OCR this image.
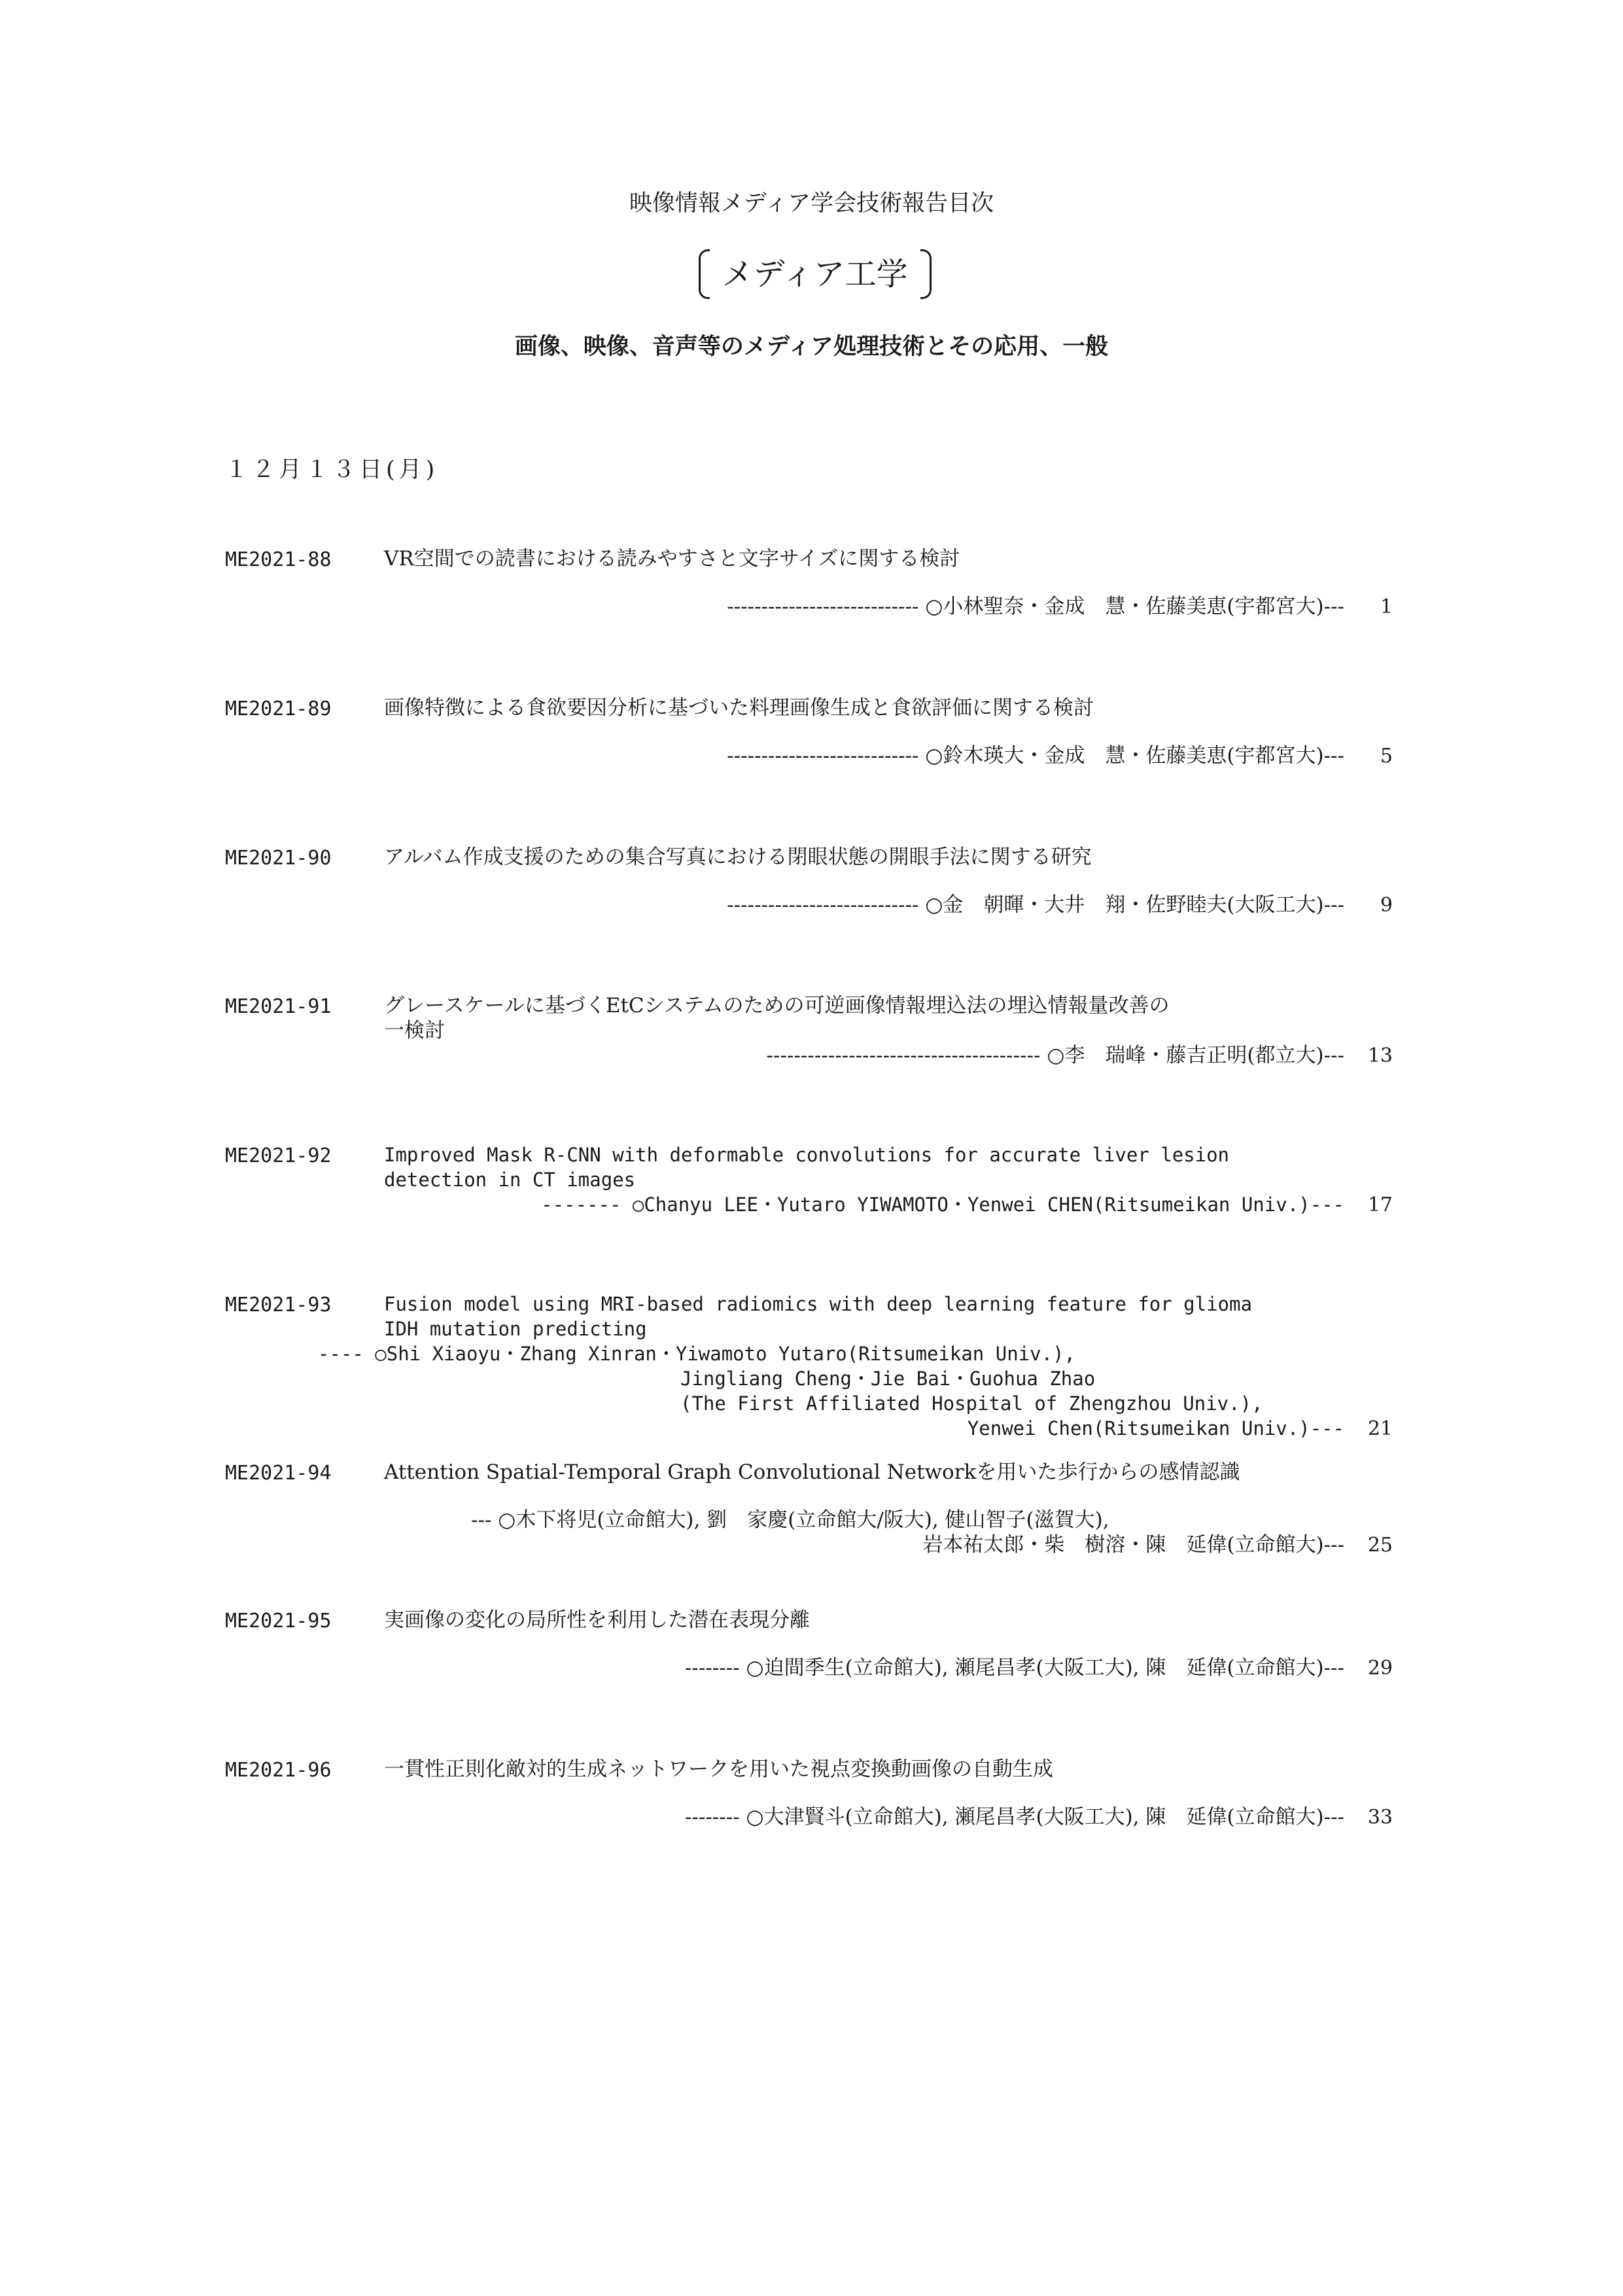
映像情報メディア学会技術報告目次

メディア工学

画像、映像、音声等のメディア処理技術とその応用、一般
１２月１３日(月)
ME2021-88	VR空間での読書における読みやすさと文字サイズに関する検討
---------------------------- ○小林聖奈・金成　慧・佐藤美恵(宇都宮大)---	1
ME2021-89	画像特徴による食欲要因分析に基づいた料理画像生成と食欲評価に関する検討
---------------------------- ○鈴木瑛大・金成　慧・佐藤美恵(宇都宮大)---	5
ME2021-90	アルバム作成支援のための集合写真における閉眼状態の開眼手法に関する研究
---------------------------- ○金　朝暉・大井　翔・佐野睦夫(大阪工大)---	9
ME2021-91	グレースケールに基づくEtCシステムのための可逆画像情報埋込法の埋込情報量改善の
一検討
---------------------------------------- ○李　瑞峰・藤吉正明(都立大)---	13
ME2021-92	Improved Mask R-CNN with deformable convolutions for accurate liver lesion
detection in CT images
------- ○Chanyu LEE・Yutaro YIWAMOTO・Yenwei CHEN(Ritsumeikan Univ.)---	17
ME2021-93	Fusion model using MRI-based radiomics with deep learning feature for glioma
IDH mutation predicting
---- ○Shi Xiaoyu・Zhang Xinran・Yiwamoto Yutaro(Ritsumeikan Univ.),
Jingliang Cheng・Jie Bai・Guohua Zhao
(The First Affiliated Hospital of Zhengzhou Univ.),
Yenwei Chen(Ritsumeikan Univ.)---	21
ME2021-94	Attention Spatial-Temporal Graph Convolutional Networkを用いた歩行からの感情認識
--- ○木下将児(立命館大), 劉　家慶(立命館大/阪大), 健山智子(滋賀大),
岩本祐太郎・柴　樹溶・陳　延偉(立命館大)---	25
ME2021-95	実画像の変化の局所性を利用した潜在表現分離
-------- ○迫間季生(立命館大), 瀬尾昌孝(大阪工大), 陳　延偉(立命館大)---	29
ME2021-96	一貫性正則化敵対的生成ネットワークを用いた視点変換動画像の自動生成
-------- ○大津賢斗(立命館大), 瀬尾昌孝(大阪工大), 陳　延偉(立命館大)---	33
